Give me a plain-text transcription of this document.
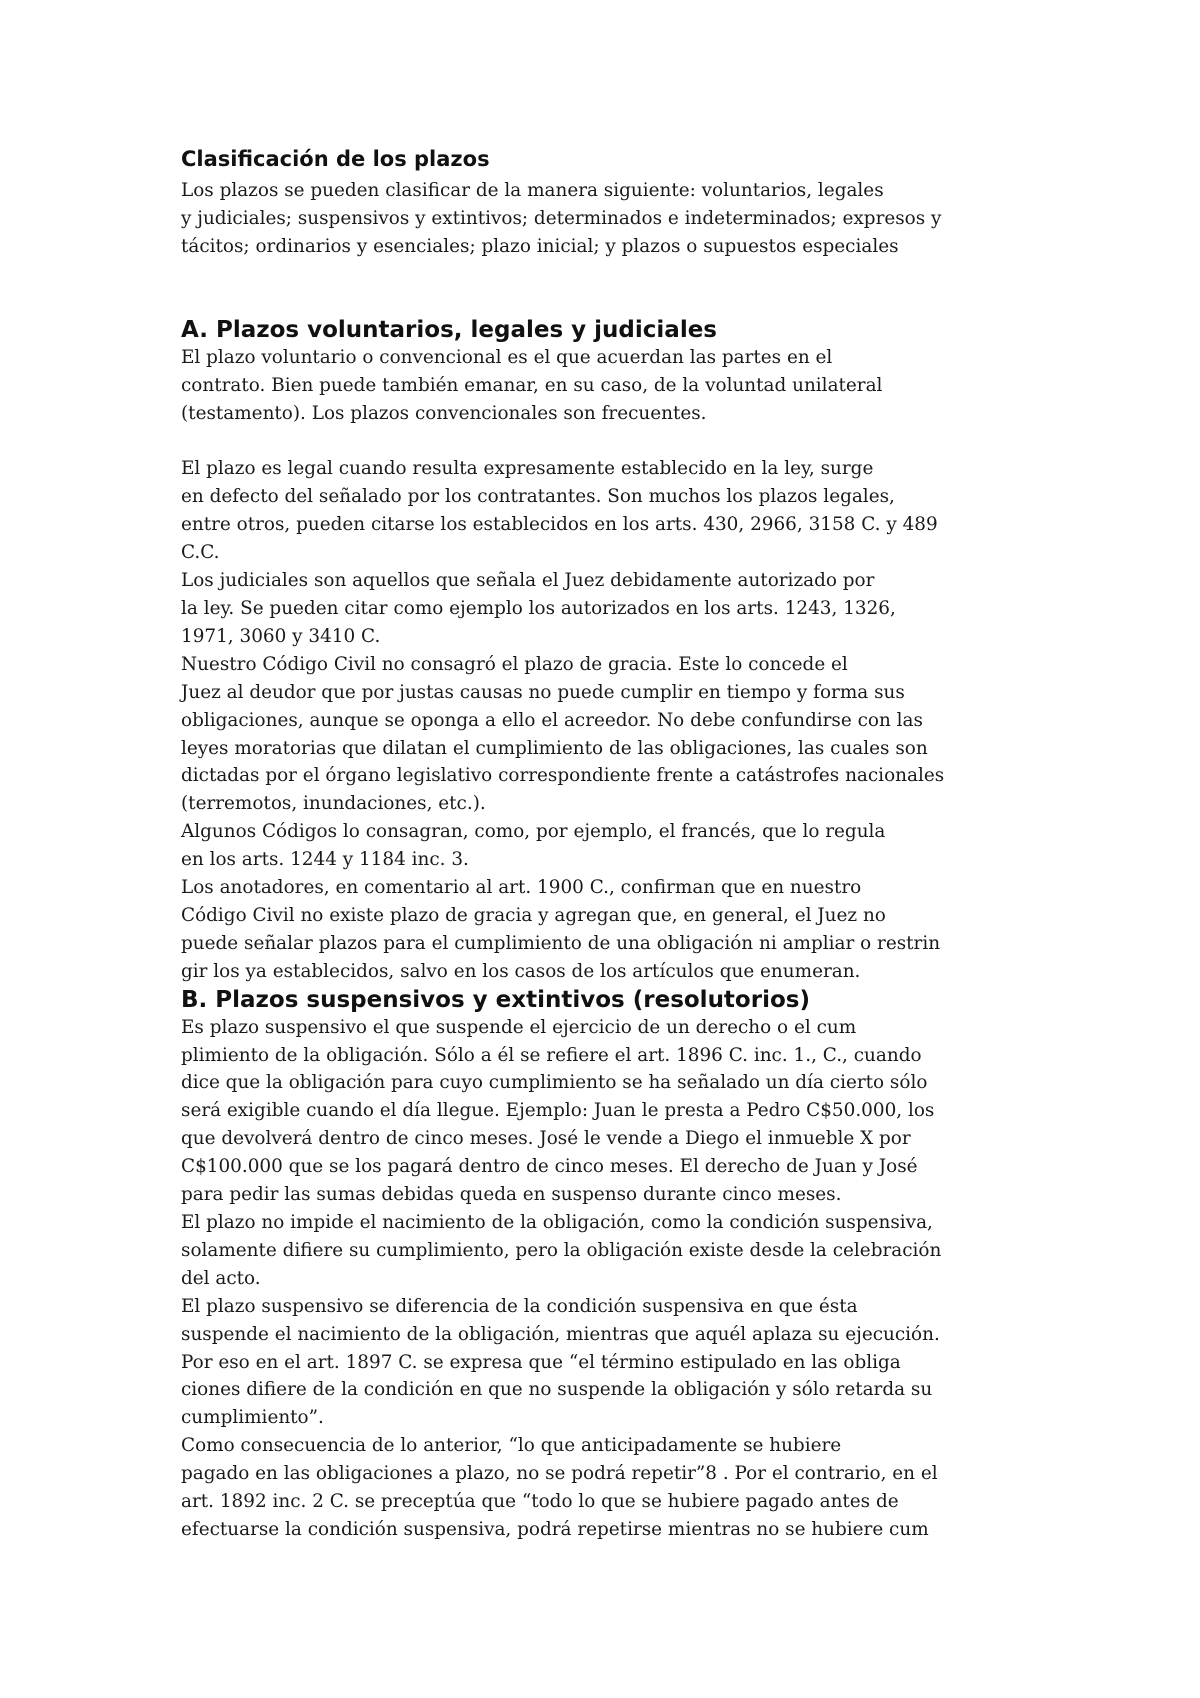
Clasificación de los plazos

Los plazos se pueden clasificar de la manera siguiente: voluntarios, legales
y judiciales; suspensivos y extintivos; determinados e indeterminados; expresos y
tácitos; ordinarios y esenciales; plazo inicial; y plazos o supuestos especiales

A. Plazos voluntarios, legales y judiciales

El plazo voluntario o convencional es el que acuerdan las partes en el
contrato. Bien puede también emanar, en su caso, de la voluntad unilateral
(testamento). Los plazos convencionales son frecuentes.

El plazo es legal cuando resulta expresamente establecido en la ley, surge
en defecto del señalado por los contratantes. Son muchos los plazos legales,
entre otros, pueden citarse los establecidos en los arts. 430, 2966, 3158 C. y 489
C.C.
Los judiciales son aquellos que señala el Juez debidamente autorizado por
la ley. Se pueden citar como ejemplo los autorizados en los arts. 1243, 1326,
1971, 3060 y 3410 C.
Nuestro Código Civil no consagró el plazo de gracia. Este lo concede el
Juez al deudor que por justas causas no puede cumplir en tiempo y forma sus
obligaciones, aunque se oponga a ello el acreedor. No debe confundirse con las
leyes moratorias que dilatan el cumplimiento de las obligaciones, las cuales son
dictadas por el órgano legislativo correspondiente frente a catástrofes nacionales
(terremotos, inundaciones, etc.).
Algunos Códigos lo consagran, como, por ejemplo, el francés, que lo regula
en los arts. 1244 y 1184 inc. 3.
Los anotadores, en comentario al art. 1900 C., confirman que en nuestro
Código Civil no existe plazo de gracia y agregan que, en general, el Juez no
puede señalar plazos para el cumplimiento de una obligación ni ampliar o restrin
gir los ya establecidos, salvo en los casos de los artículos que enumeran.

B. Plazos suspensivos y extintivos (resolutorios)

Es plazo suspensivo el que suspende el ejercicio de un derecho o el cum
plimiento de la obligación. Sólo a él se refiere el art. 1896 C. inc. 1., C., cuando
dice que la obligación para cuyo cumplimiento se ha señalado un día cierto sólo
será exigible cuando el día llegue. Ejemplo: Juan le presta a Pedro C$50.000, los
que devolverá dentro de cinco meses. José le vende a Diego el inmueble X por
C$100.000 que se los pagará dentro de cinco meses. El derecho de Juan y José
para pedir las sumas debidas queda en suspenso durante cinco meses.
El plazo no impide el nacimiento de la obligación, como la condición suspensiva,
solamente difiere su cumplimiento, pero la obligación existe desde la celebración
del acto.
El plazo suspensivo se diferencia de la condición suspensiva en que ésta
suspende el nacimiento de la obligación, mientras que aquél aplaza su ejecución.
Por eso en el art. 1897 C. se expresa que “el término estipulado en las obliga
ciones difiere de la condición en que no suspende la obligación y sólo retarda su
cumplimiento”.
Como consecuencia de lo anterior, “lo que anticipadamente se hubiere
pagado en las obligaciones a plazo, no se podrá repetir”8 . Por el contrario, en el
art. 1892 inc. 2 C. se preceptúa que “todo lo que se hubiere pagado antes de
efectuarse la condición suspensiva, podrá repetirse mientras no se hubiere cum
